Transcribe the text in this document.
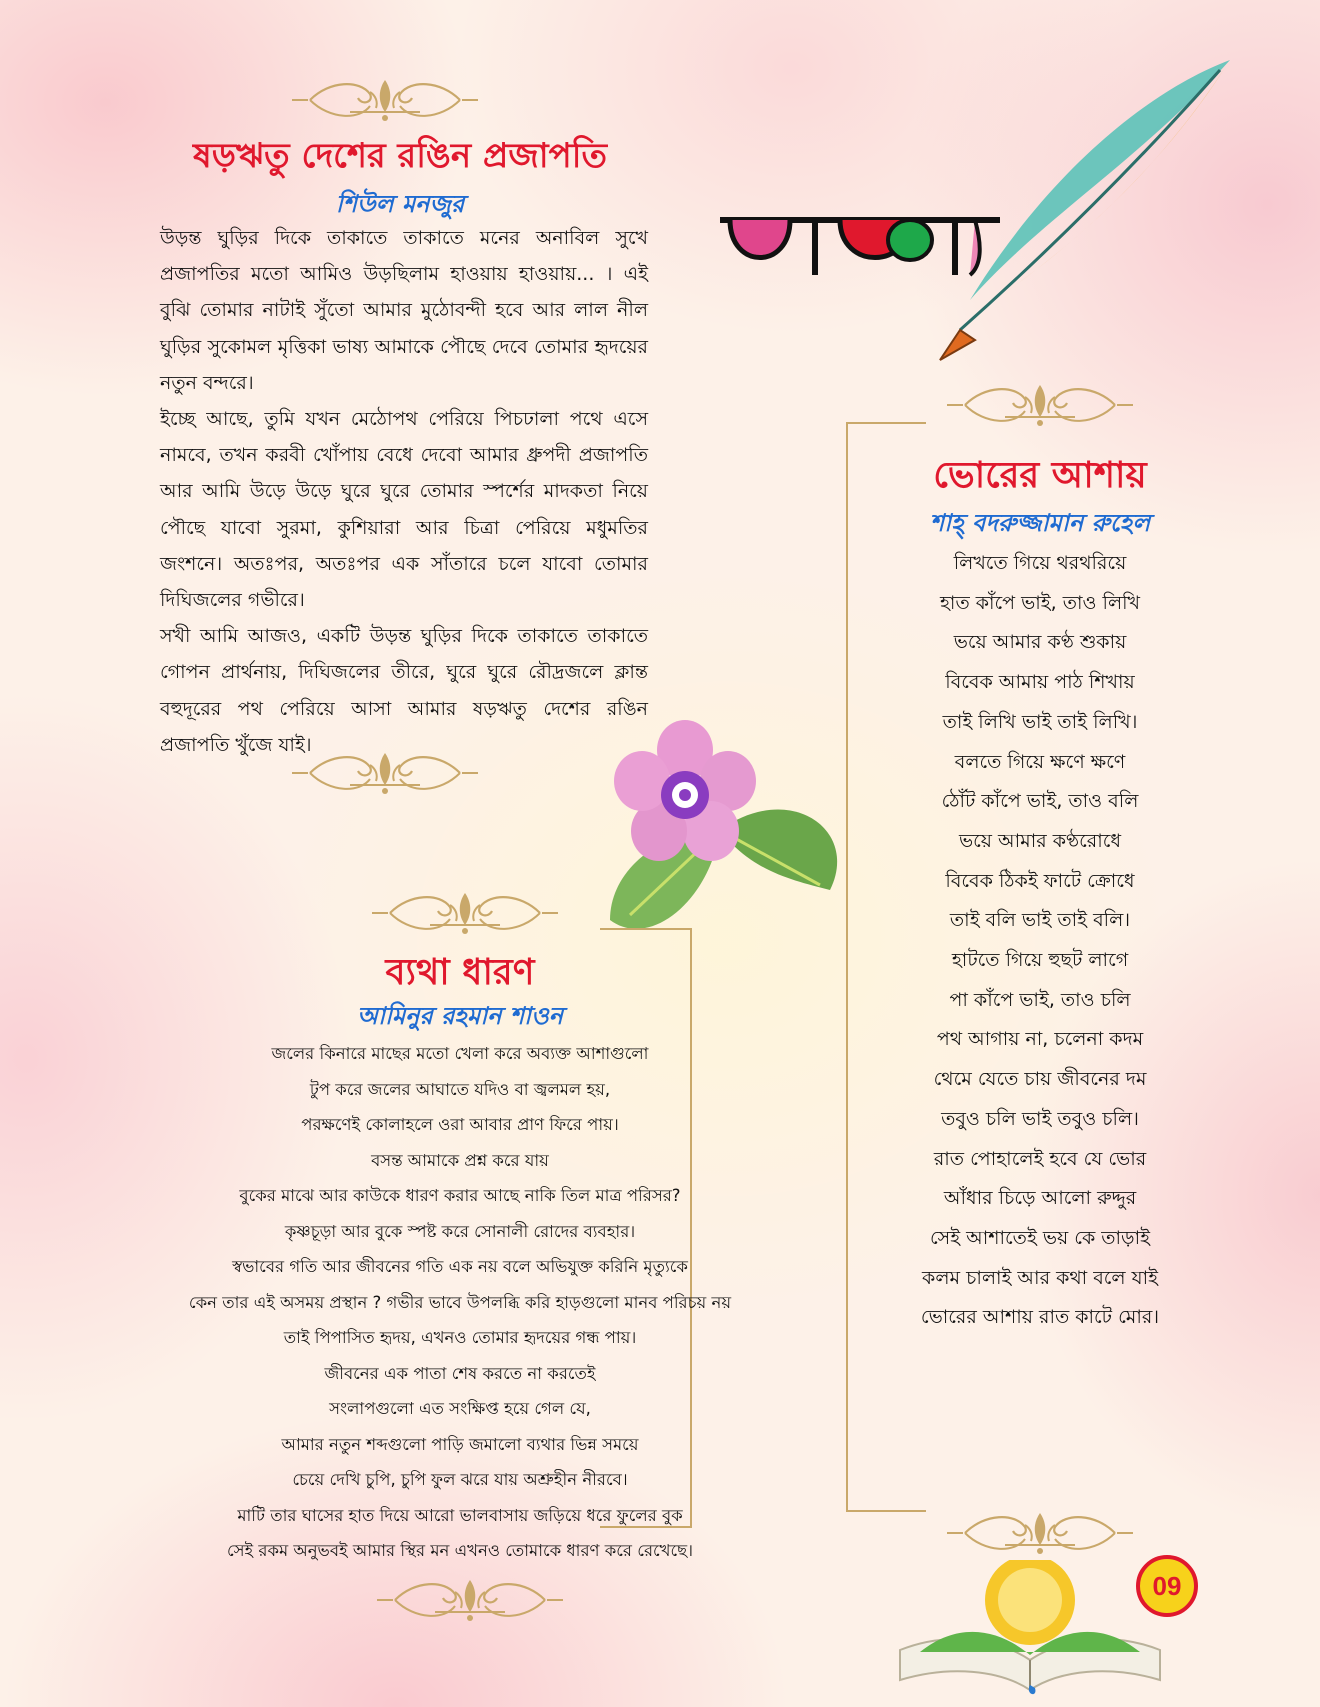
ষড়ঋতু দেশের রঙিন প্রজাপতি
শিউল মনজুর

উড়ন্ত ঘুড়ির দিকে তাকাতে তাকাতে মনের অনাবিল সুখে প্রজাপতির মতো আমিও উড়ছিলাম হাওয়ায় হাওয়ায়... । এই বুঝি তোমার নাটাই সুঁতো আমার মুঠোবন্দী হবে আর লাল নীল ঘুড়ির সুকোমল মৃত্তিকা ভাষ্য আমাকে পৌছে দেবে তোমার হৃদয়ের নতুন বন্দরে।

ইচ্ছে আছে, তুমি যখন মেঠোপথ পেরিয়ে পিচঢালা পথে এসে নামবে, তখন করবী খোঁপায় বেধে দেবো আমার ধ্রুপদী প্রজাপতি আর আমি উড়ে উড়ে ঘুরে ঘুরে তোমার স্পর্শের মাদকতা নিয়ে পৌছে যাবো সুরমা, কুশিয়ারা আর চিত্রা পেরিয়ে মধুমতির জংশনে। অতঃপর, অতঃপর এক সাঁতারে চলে যাবো তোমার দিঘিজলের গভীরে।

সখী আমি আজও, একটি উড়ন্ত ঘুড়ির দিকে তাকাতে তাকাতে গোপন প্রার্থনায়, দিঘিজলের তীরে, ঘুরে ঘুরে রৌদ্রজলে ক্লান্ত বহুদূরের পথ পেরিয়ে আসা আমার ষড়ঋতু দেশের রঙিন প্রজাপতি খুঁজে যাই।

ভোরের আশায়
শাহ্ বদরুজ্জামান রুহেল
লিখতে গিয়ে থরথরিয়ে
হাত কাঁপে ভাই, তাও লিখি
ভয়ে আমার কণ্ঠ শুকায়
বিবেক আমায় পাঠ শিখায়
তাই লিখি ভাই তাই লিখি।
বলতে গিয়ে ক্ষণে ক্ষণে
ঠোঁট কাঁপে ভাই, তাও বলি
ভয়ে আমার কণ্ঠরোধে
বিবেক ঠিকই ফাটে ক্রোধে
তাই বলি ভাই তাই বলি।
হাটতে গিয়ে হুছট লাগে
পা কাঁপে ভাই, তাও চলি
পথ আগায় না, চলেনা কদম
থেমে যেতে চায় জীবনের দম
তবুও চলি ভাই তবুও চলি।
রাত পোহালেই হবে যে ভোর
আঁধার চিড়ে আলো রুদ্দুর
সেই আশাতেই ভয় কে তাড়াই
কলম চালাই আর কথা বলে যাই
ভোরের আশায় রাত কাটে মোর।
ব্যথা ধারণ
আমিনুর রহমান শাওন
জলের কিনারে মাছের মতো খেলা করে অব্যক্ত আশাগুলো
টুপ করে জলের আঘাতে যদিও বা জ্বলমল হয়,
পরক্ষণেই কোলাহলে ওরা আবার প্রাণ ফিরে পায়।
বসন্ত আমাকে প্রশ্ন করে যায়
বুকের মাঝে আর কাউকে ধারণ করার আছে নাকি তিল মাত্র পরিসর?
কৃষ্ণচূড়া আর বুকে স্পষ্ট করে সোনালী রোদের ব্যবহার।
স্বভাবের গতি আর জীবনের গতি এক নয় বলে অভিযুক্ত করিনি মৃত্যুকে
কেন তার এই অসময় প্রস্থান ? গভীর ভাবে উপলব্ধি করি হাড়গুলো মানব পরিচয় নয়
তাই পিপাসিত হৃদয়, এখনও তোমার হৃদয়ের গন্ধ পায়।
জীবনের এক পাতা শেষ করতে না করতেই
সংলাপগুলো এত সংক্ষিপ্ত হয়ে গেল যে,
আমার নতুন শব্দগুলো পাড়ি জমালো ব্যথার ভিন্ন সময়ে
চেয়ে দেখি চুপি, চুপি ফুল ঝরে যায় অশ্রুহীন নীরবে।
মাটি তার ঘাসের হাত দিয়ে আরো ভালবাসায় জড়িয়ে ধরে ফুলের বুক
সেই রকম অনুভবই আমার স্থির মন এখনও তোমাকে ধারণ করে রেখেছে।
09
